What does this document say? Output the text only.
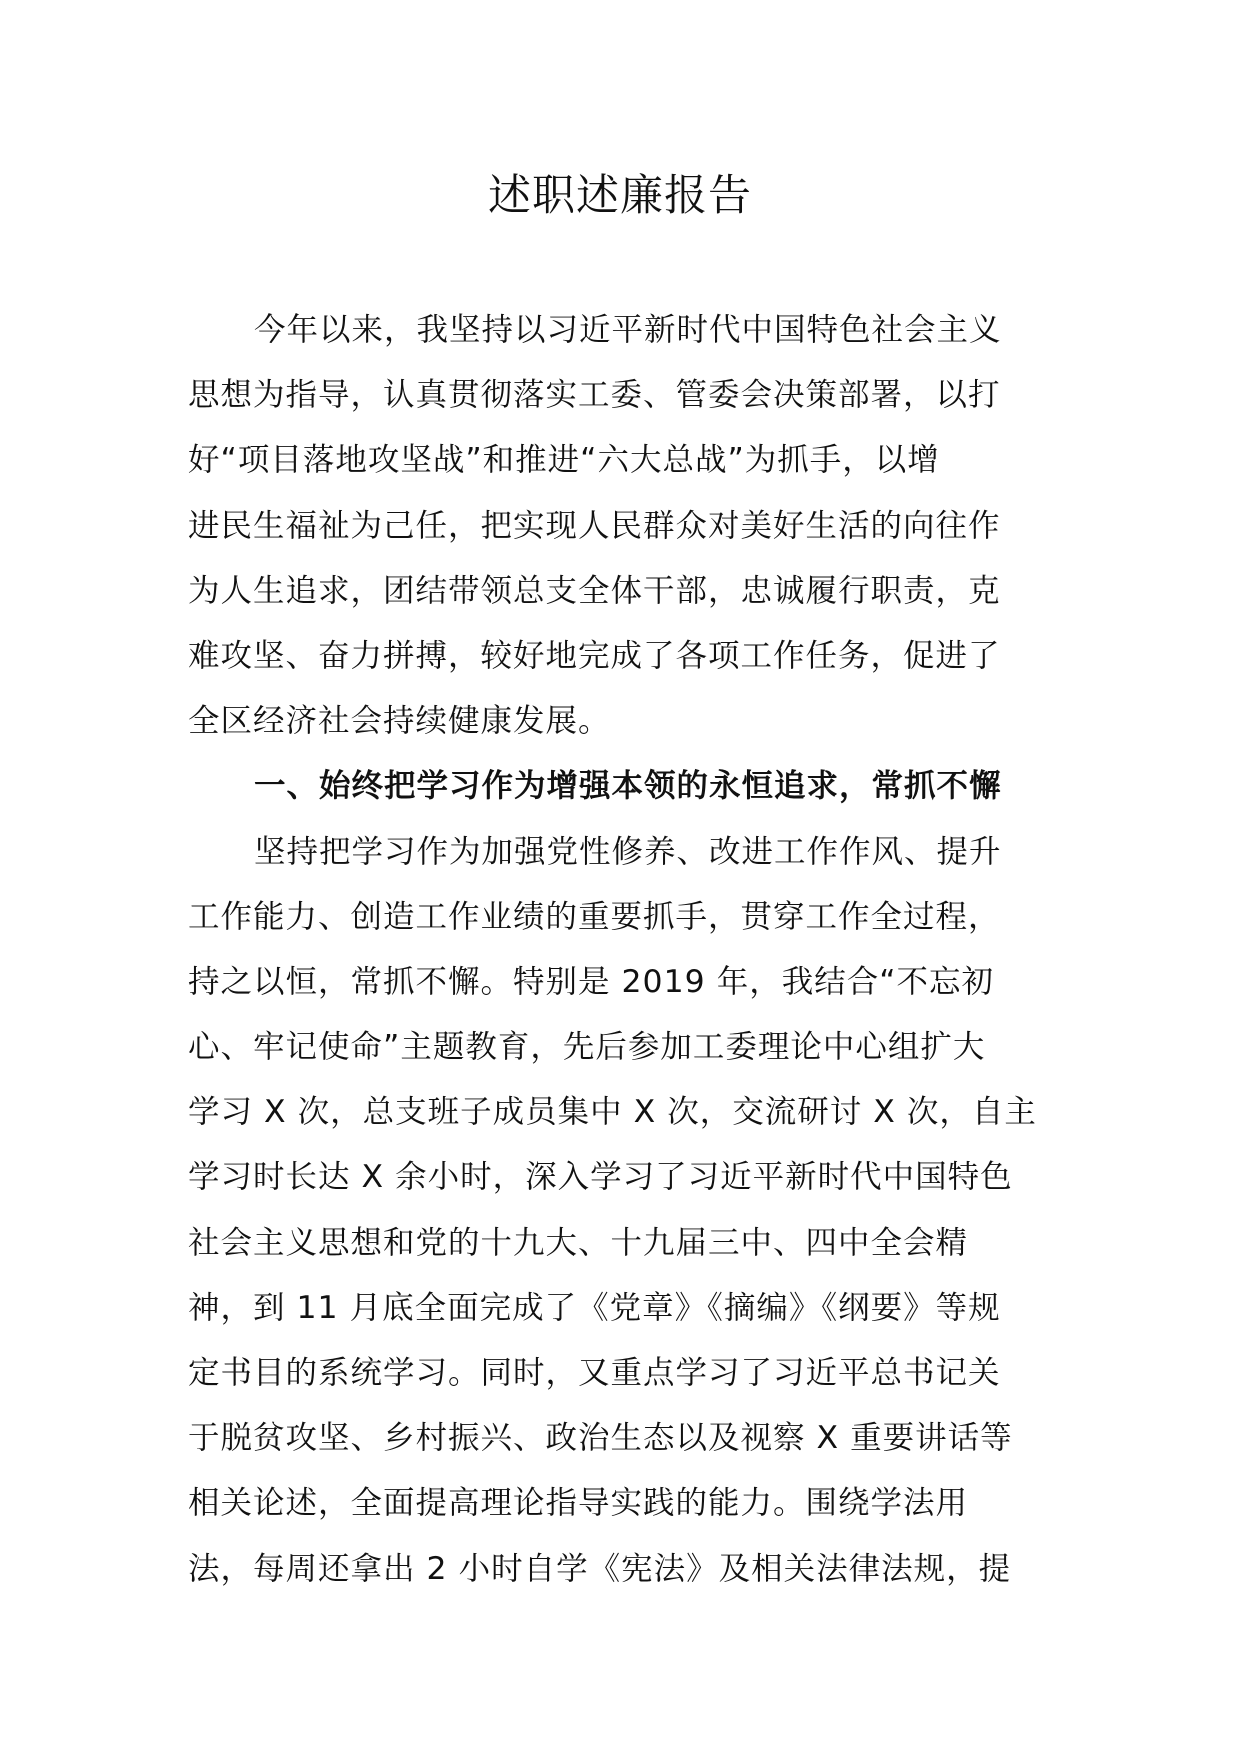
述职述廉报告
今年以来，我坚持以习近平新时代中国特色社会主义
思想为指导，认真贯彻落实工委、管委会决策部署，以打
好“项目落地攻坚战”和推进“六大总战”为抓手，以增
进民生福祉为己任，把实现人民群众对美好生活的向往作
为人生追求，团结带领总支全体干部，忠诚履行职责，克
难攻坚、奋力拼搏，较好地完成了各项工作任务，促进了
全区经济社会持续健康发展。
一、始终把学习作为增强本领的永恒追求，常抓不懈
坚持把学习作为加强党性修养、改进工作作风、提升
工作能力、创造工作业绩的重要抓手，贯穿工作全过程，
持之以恒，常抓不懈。特别是 2019 年，我结合“不忘初
心、牢记使命”主题教育，先后参加工委理论中心组扩大
学习 X 次，总支班子成员集中 X 次，交流研讨 X 次，自主
学习时长达 X 余小时，深入学习了习近平新时代中国特色
社会主义思想和党的十九大、十九届三中、四中全会精
神，到 11 月底全面完成了《党章》《摘编》《纲要》等规
定书目的系统学习。同时，又重点学习了习近平总书记关
于脱贫攻坚、乡村振兴、政治生态以及视察 X 重要讲话等
相关论述，全面提高理论指导实践的能力。围绕学法用
法，每周还拿出 2 小时自学《宪法》及相关法律法规，提
